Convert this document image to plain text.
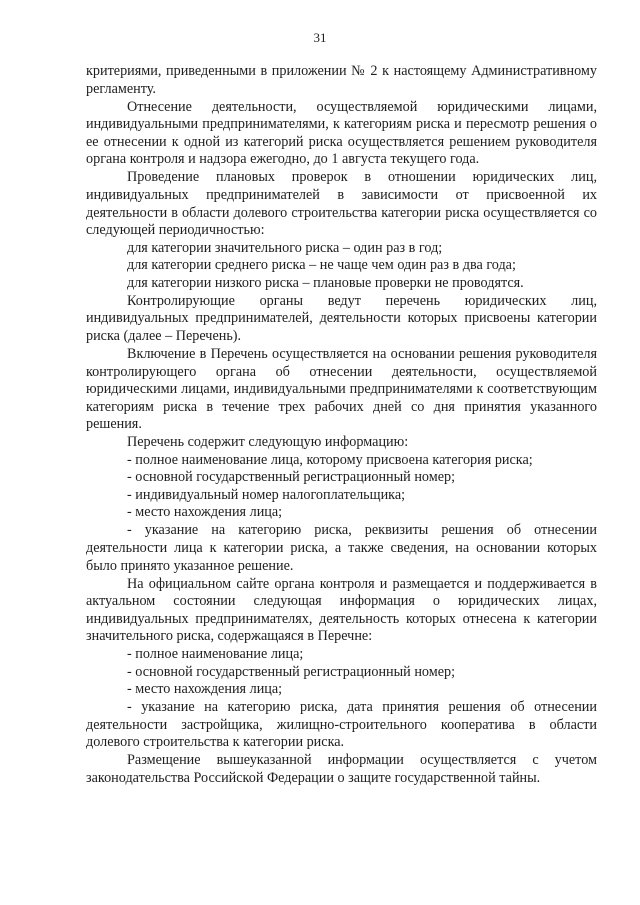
31

критериями, приведенными в приложении № 2 к настоящему Административному регламенту.

Отнесение деятельности, осуществляемой юридическими лицами, индивидуальными предпринимателями, к категориям риска и пересмотр решения о ее отнесении к одной из категорий риска осуществляется решением руководителя органа контроля и надзора ежегодно, до 1 августа текущего года.

Проведение плановых проверок в отношении юридических лиц, индивидуальных предпринимателей в зависимости от присвоенной их деятельности в области долевого строительства категории риска осуществляется со следующей периодичностью:

для категории значительного риска – один раз в год;

для категории среднего риска – не чаще чем один раз в два года;

для категории низкого риска – плановые проверки не проводятся.

Контролирующие органы ведут перечень юридических лиц, индивидуальных предпринимателей, деятельности которых присвоены категории риска (далее – Перечень).

Включение в Перечень осуществляется на основании решения руководителя контролирующего органа об отнесении деятельности, осуществляемой юридическими лицами, индивидуальными предпринимателями к соответствующим категориям риска в течение трех рабочих дней со дня принятия указанного решения.

Перечень содержит следующую информацию:

- полное наименование лица, которому присвоена категория риска;

- основной государственный регистрационный номер;

- индивидуальный номер налогоплательщика;

- место нахождения лица;

- указание на категорию риска, реквизиты решения об отнесении деятельности лица к категории риска, а также сведения, на основании которых было принято указанное решение.

На официальном сайте органа контроля и размещается и поддерживается в актуальном состоянии следующая информация о юридических лицах, индивидуальных предпринимателях, деятельность которых отнесена к категории значительного риска, содержащаяся в Перечне:

- полное наименование лица;

- основной государственный регистрационный номер;

- место нахождения лица;

- указание на категорию риска, дата принятия решения об отнесении деятельности застройщика, жилищно-строительного кооператива в области долевого строительства к категории риска.

Размещение вышеуказанной информации осуществляется с учетом законодательства Российской Федерации о защите государственной тайны.
